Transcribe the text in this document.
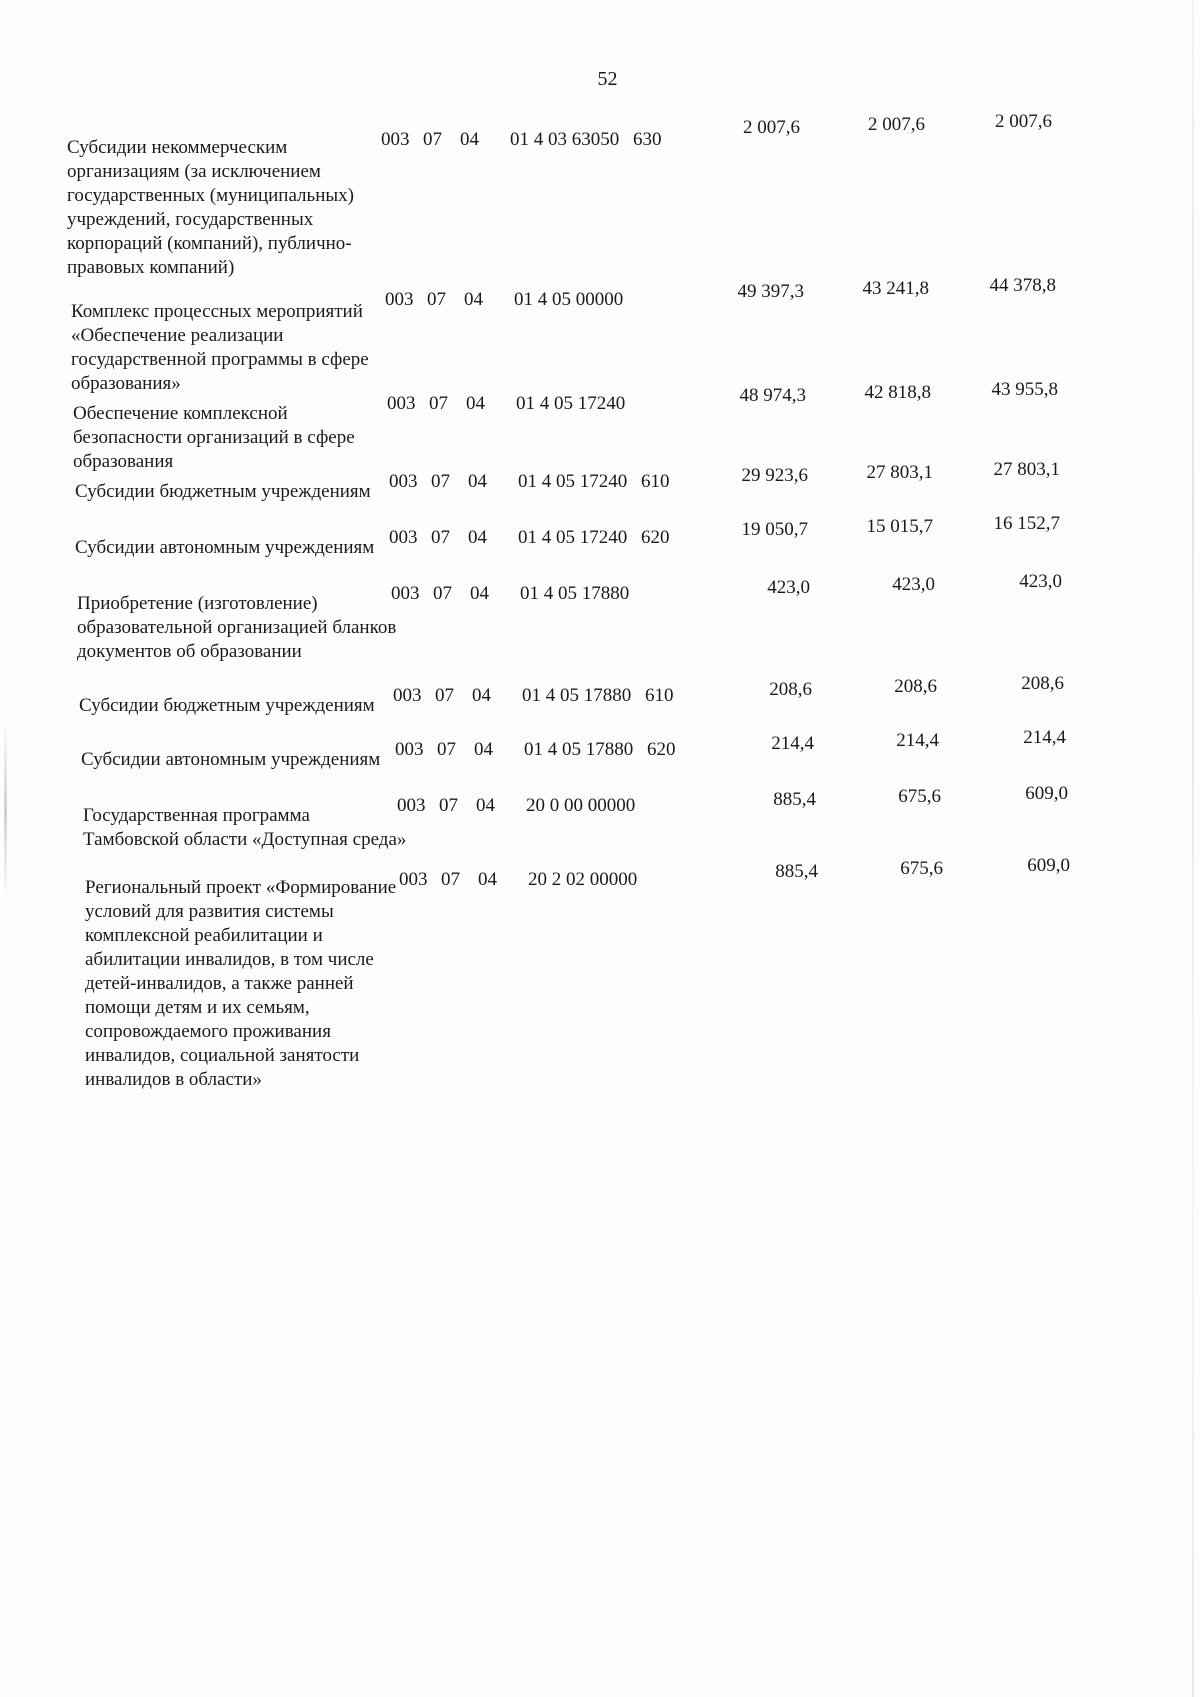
52
Субсидии некоммерческим организациям (за исключением государственных (муниципальных) учреждений, государственных корпораций (компаний), публично-правовых компаний)
003 07 04 01 4 03 63050 630
2 007,6	2 007,6	2 007,6
Комплекс процессных мероприятий «Обеспечение реализации государственной программы в сфере образования»
003 07 04 01 4 05 00000	49 397,3	43 241,8	44 378,8
Обеспечение комплексной безопасности организаций в сфере образования
003 07 04 01 4 05 17240	48 974,3	42 818,8	43 955,8
Субсидии бюджетным учреждениям 003 07 04 01 4 05 17240 610	29 923,6	27 803,1	27 803,1
Субсидии автономным учреждениям 003 07 04 01 4 05 17240 620	19 050,7	15 015,7	16 152,7
Приобретение (изготовление) образовательной организацией бланков документов об образовании
003 07 04 01 4 05 17880	423,0	423,0	423,0
Субсидии бюджетным учреждениям 003 07 04 01 4 05 17880 610	208,6	208,6	208,6
Субсидии автономным учреждениям 003 07 04 01 4 05 17880 620	214,4	214,4	214,4
Государственная программа Тамбовской области «Доступная среда»
003 07 04 20 0 00 00000	885,4	675,6	609,0
Региональный проект «Формирование условий для развития системы комплексной реабилитации и абилитации инвалидов, в том числе детей-инвалидов, а также ранней помощи детям и их семьям, сопровождаемого проживания инвалидов, социальной занятости инвалидов в области»
003 07 04 20 2 02 00000	885,4	675,6	609,0
